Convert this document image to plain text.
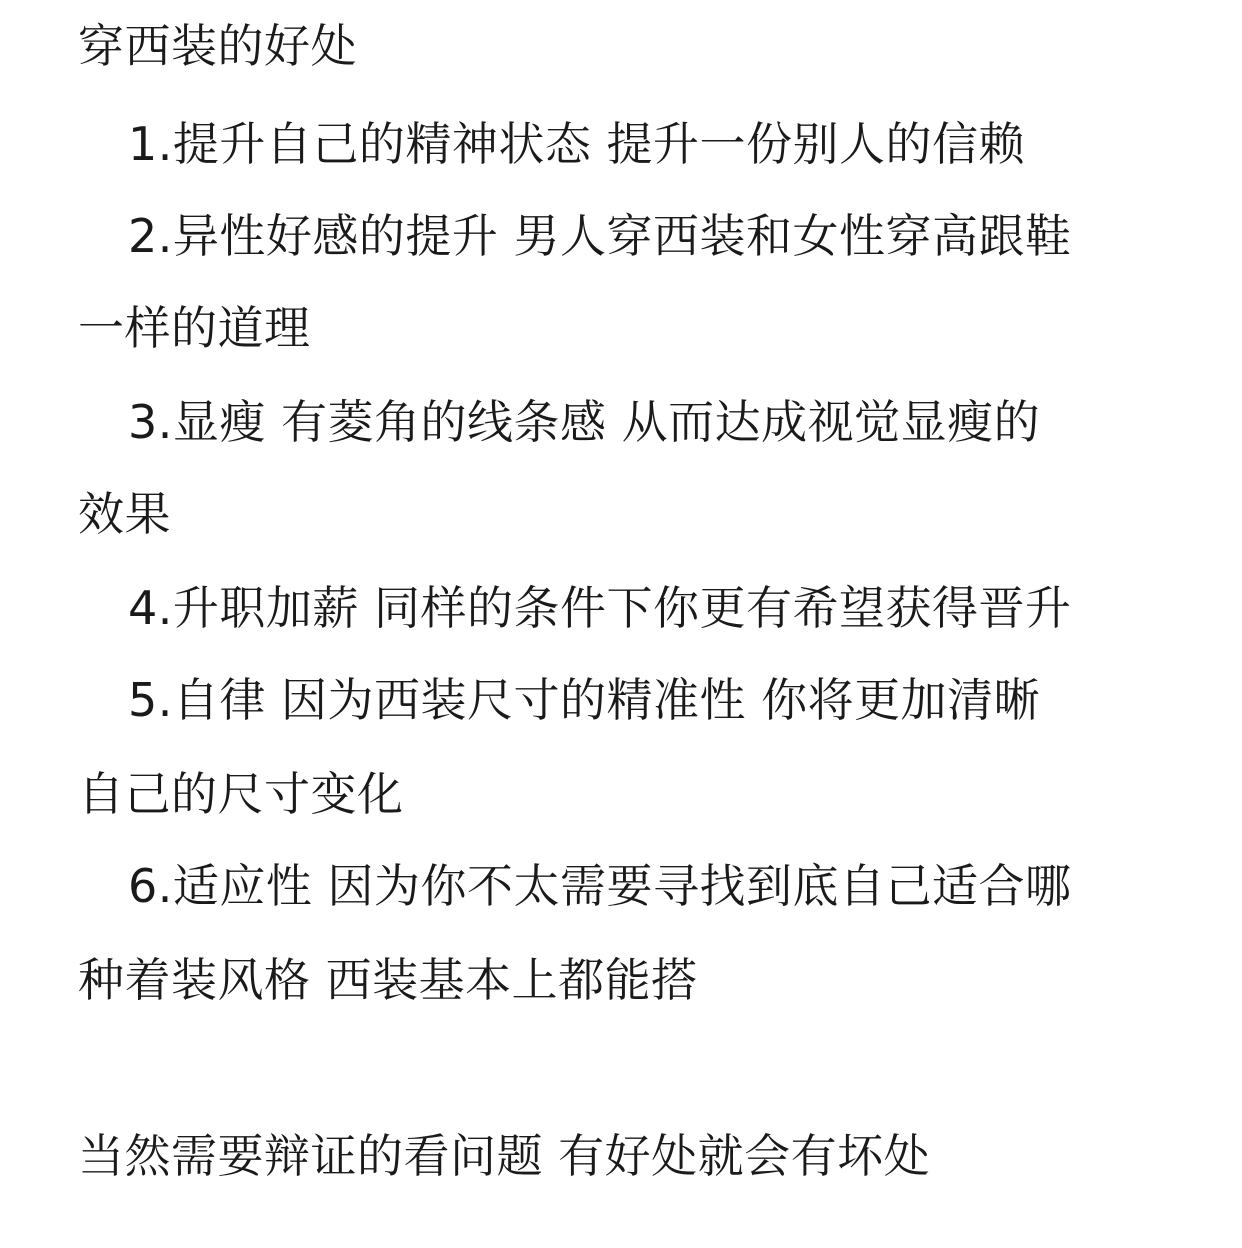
穿西装的好处
1.提升自己的精神状态 提升一份别人的信赖
2.异性好感的提升 男人穿西装和女性穿高跟鞋
一样的道理
3.显瘦 有菱角的线条感 从而达成视觉显瘦的
效果
4.升职加薪 同样的条件下你更有希望获得晋升
5.自律 因为西装尺寸的精准性 你将更加清晰
自己的尺寸变化
6.适应性 因为你不太需要寻找到底自己适合哪
种着装风格 西装基本上都能搭
当然需要辩证的看问题 有好处就会有坏处
